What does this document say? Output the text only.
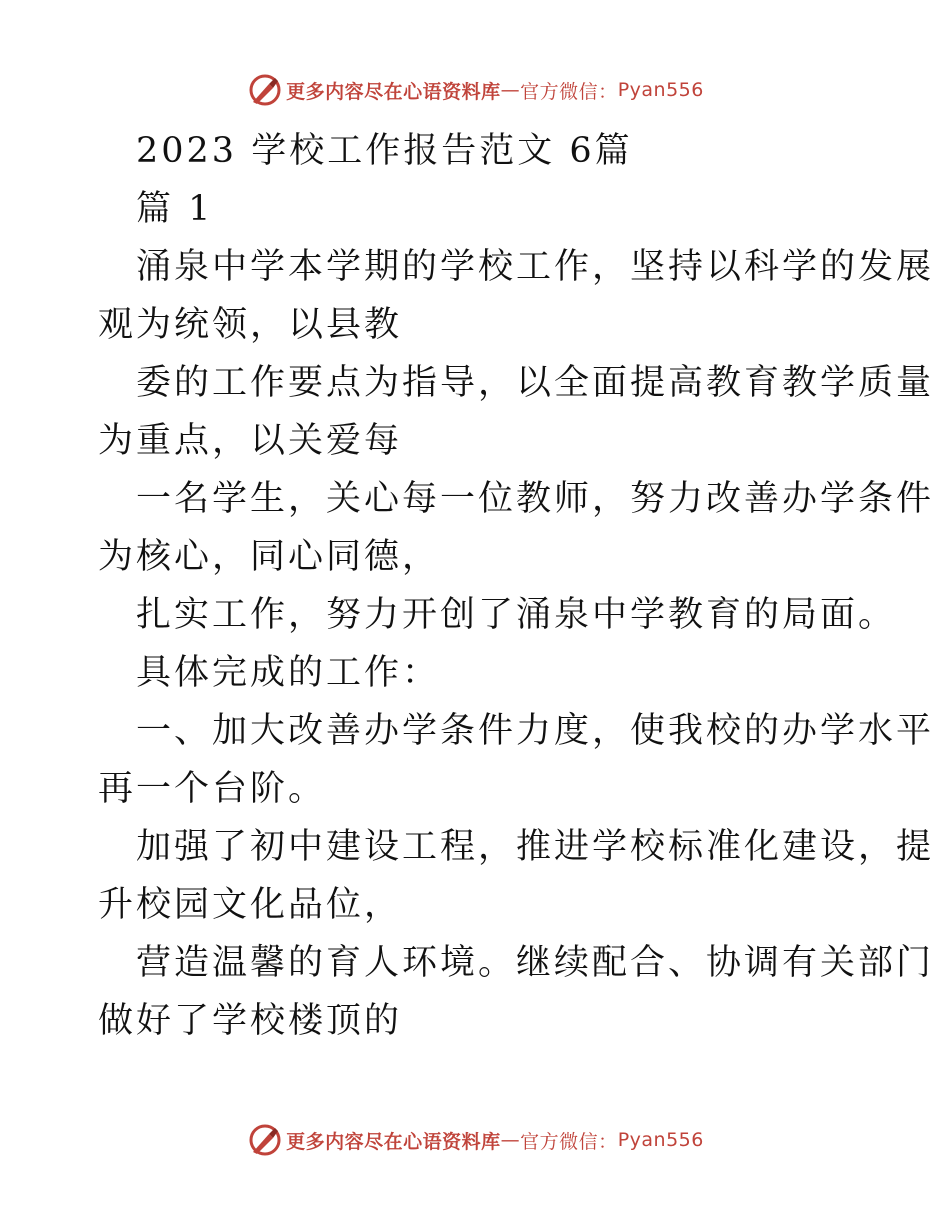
更多内容尽在心语资料库 — 官方微信： Pyan556
2023 学校工作报告范文 6篇
篇 1
涌泉中学本学期的学校工作，坚持以科学的发展
观为统领，以县教
委的工作要点为指导，以全面提高教育教学质量
为重点，以关爱每
一名学生，关心每一位教师，努力改善办学条件
为核心，同心同德，
扎实工作，努力开创了涌泉中学教育的局面。
具体完成的工作：
一、加大改善办学条件力度，使我校的办学水平
再一个台阶。
加强了初中建设工程，推进学校标准化建设，提
升校园文化品位，
营造温馨的育人环境。继续配合、协调有关部门
做好了学校楼顶的
更多内容尽在心语资料库 — 官方微信： Pyan556
